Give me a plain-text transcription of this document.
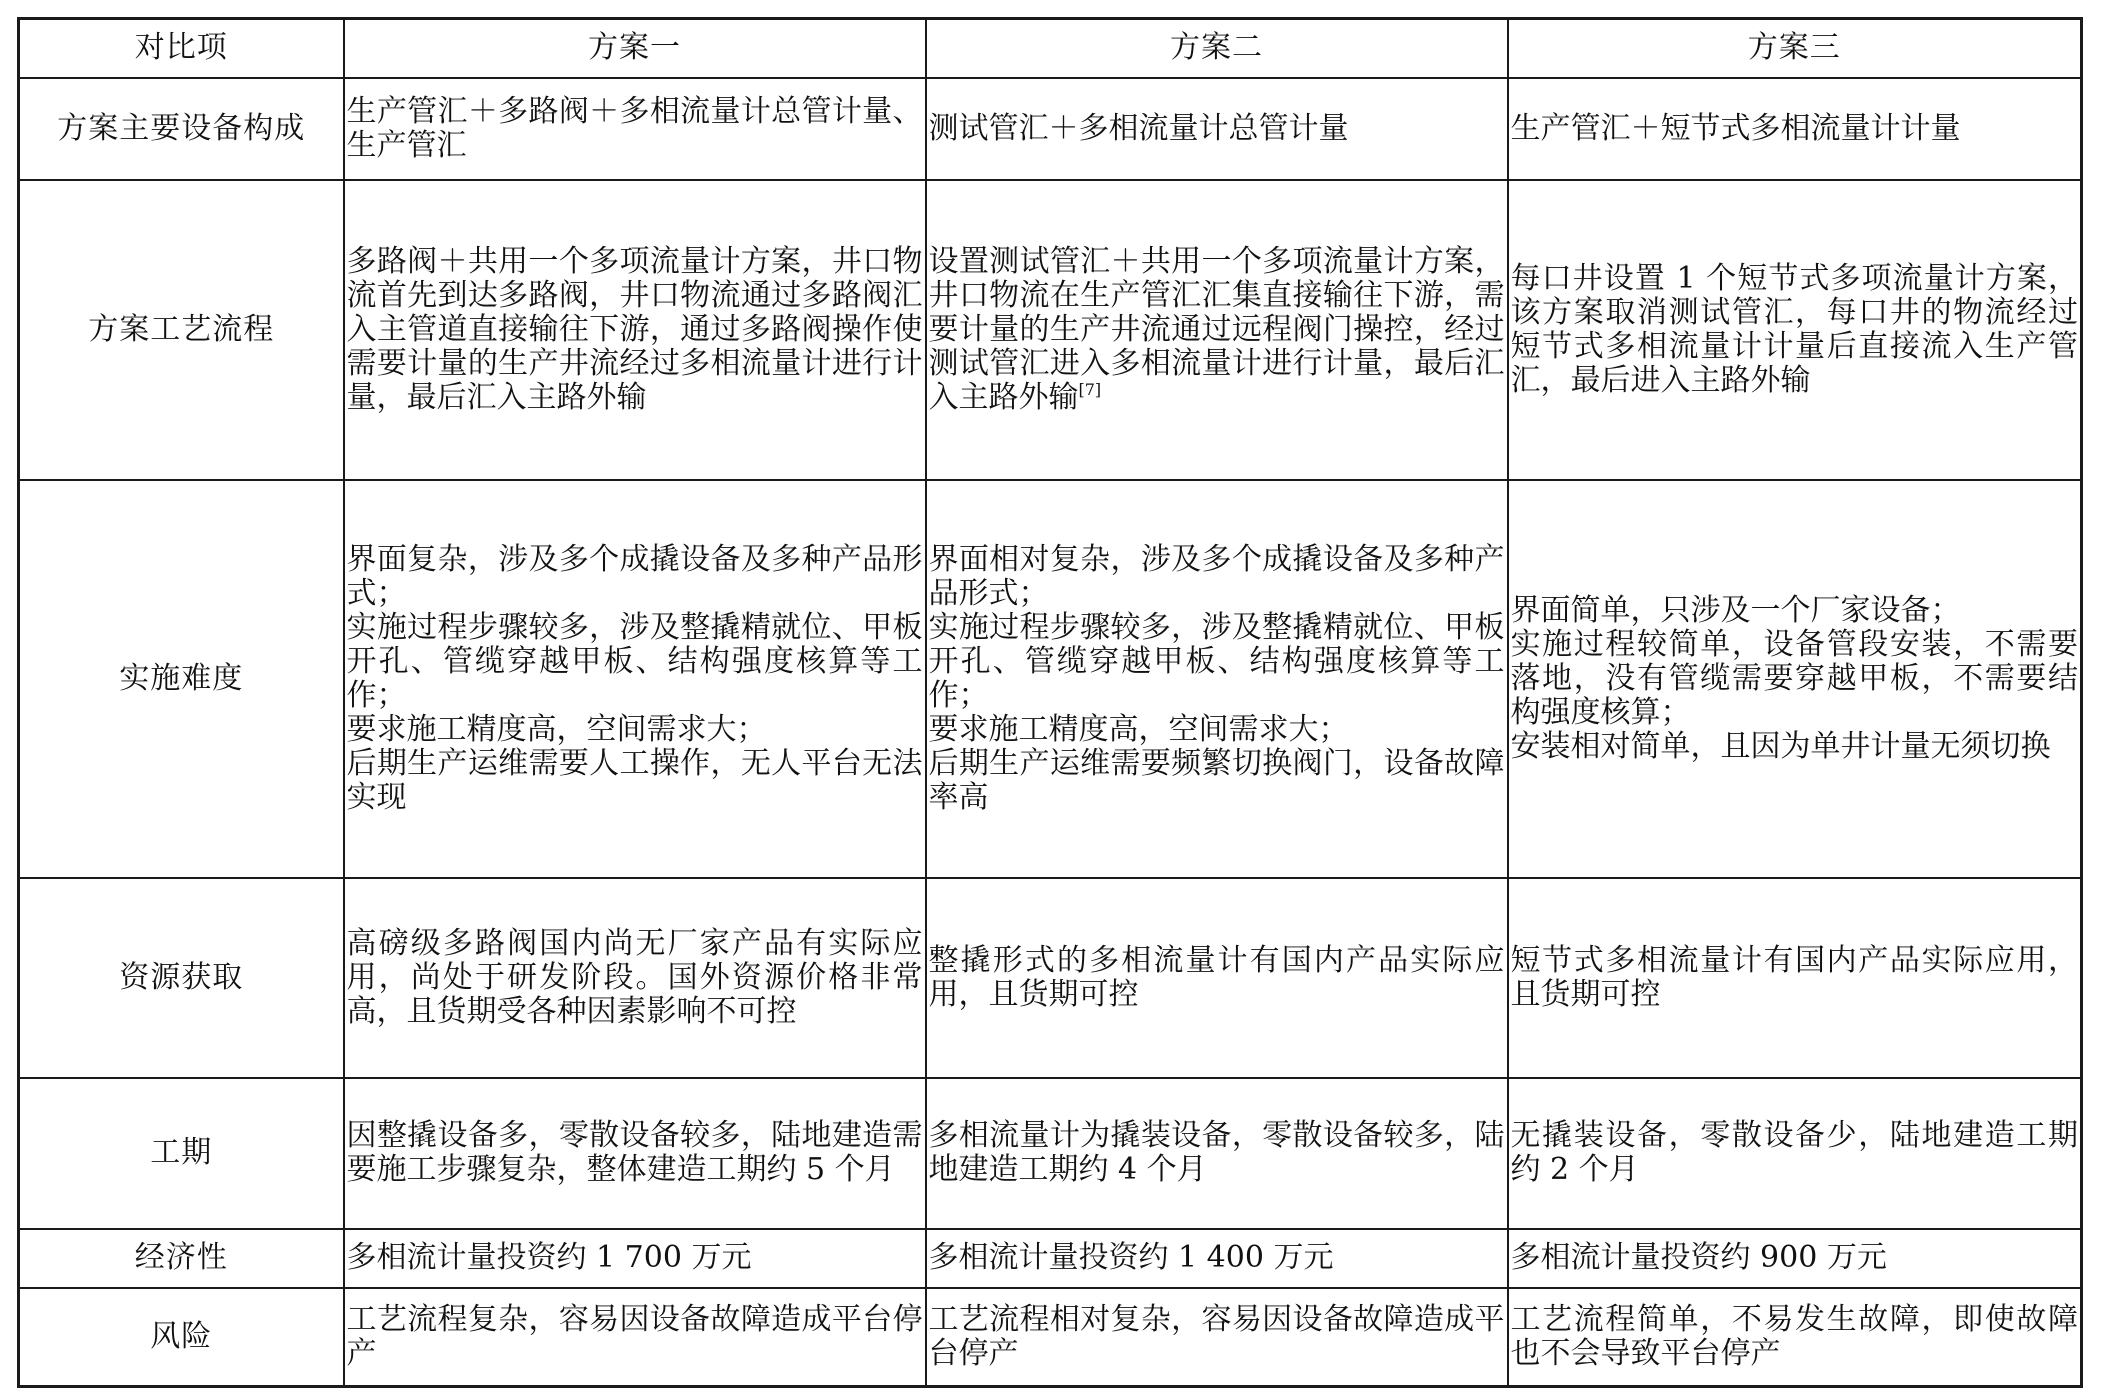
对比项	方案一	方案二	方案三
方案主要设备构成	生产管汇＋多路阀＋多相流量计总管计量、生产管汇	测试管汇＋多相流量计总管计量	生产管汇＋短节式多相流量计计量
方案工艺流程	多路阀＋共用一个多项流量计方案，井口物流首先到达多路阀，井口物流通过多路阀汇入主管道直接输往下游，通过多路阀操作使需要计量的生产井流经过多相流量计进行计量，最后汇入主路外输	设置测试管汇＋共用一个多项流量计方案，井口物流在生产管汇汇集直接输往下游，需要计量的生产井流通过远程阀门操控，经过测试管汇进入多相流量计进行计量，最后汇入主路外输[7]	每口井设置 1 个短节式多项流量计方案，该方案取消测试管汇，每口井的物流经过短节式多相流量计计量后直接流入生产管汇，最后进入主路外输
实施难度	界面复杂，涉及多个成撬设备及多种产品形式；
实施过程步骤较多，涉及整撬精就位、甲板开孔、管缆穿越甲板、结构强度核算等工作；
要求施工精度高，空间需求大；
后期生产运维需要人工操作，无人平台无法实现	界面相对复杂，涉及多个成撬设备及多种产品形式；
实施过程步骤较多，涉及整撬精就位、甲板开孔、管缆穿越甲板、结构强度核算等工作；
要求施工精度高，空间需求大；
后期生产运维需要频繁切换阀门，设备故障率高	界面简单，只涉及一个厂家设备；
实施过程较简单，设备管段安装，不需要落地，没有管缆需要穿越甲板，不需要结构强度核算；
安装相对简单，且因为单井计量无须切换
资源获取	高磅级多路阀国内尚无厂家产品有实际应用，尚处于研发阶段。国外资源价格非常高，且货期受各种因素影响不可控	整撬形式的多相流量计有国内产品实际应用，且货期可控	短节式多相流量计有国内产品实际应用，且货期可控
工期	因整撬设备多，零散设备较多，陆地建造需要施工步骤复杂，整体建造工期约 5 个月	多相流量计为撬装设备，零散设备较多，陆地建造工期约 4 个月	无撬装设备，零散设备少，陆地建造工期约 2 个月
经济性	多相流计量投资约 1 700 万元	多相流计量投资约 1 400 万元	多相流计量投资约 900 万元
风险	工艺流程复杂，容易因设备故障造成平台停产	工艺流程相对复杂，容易因设备故障造成平台停产	工艺流程简单，不易发生故障，即使故障也不会导致平台停产
